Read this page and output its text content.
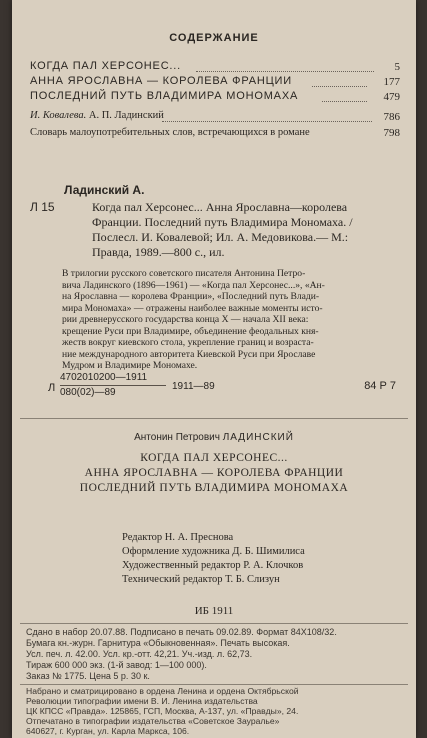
СОДЕРЖАНИЕ
КОГДА ПАЛ ХЕРСОНЕС...	5
АННА ЯРОСЛАВНА — КОРОЛЕВА ФРАНЦИИ	177
ПОСЛЕДНИЙ ПУТЬ ВЛАДИМИРА МОНОМАХА	479
И. Ковалева. А. П. Ладинский	786
Словарь малоупотребительных слов, встречающихся в романе	798
Ладинский А.
Л 15	Когда пал Херсонес... Анна Ярославна—королева
Франции. Последний путь Владимира Мономаха. /
Послесл. И. Ковалевой; Ил. А. Медовикова.— М.:
Правда, 1989.—800 с., ил.
В трилогии русского советского писателя Антонина Петро-
вича Ладинского (1896—1961) — «Когда пал Херсонес...», «Ан-
на Ярославна — королева Франции», «Последний путь Влади-
мира Мономаха» — отражены наиболее важные моменты исто-
рии древнерусского государства конца X — начала XII века:
крещение Руси при Владимире, объединение феодальных кня-
жеств вокруг киевского стола, укрепление границ и возраста-
ние международного авторитета Киевской Руси при Ярославе
Мудром и Владимире Мономахе.
Л
4702010200—1911
080(02)—89
1911—89	84 Р 7
Антонин Петрович ЛАДИНСКИЙ
КОГДА ПАЛ ХЕРСОНЕС...
АННА ЯРОСЛАВНА — КОРОЛЕВА ФРАНЦИИ
ПОСЛЕДНИЙ ПУТЬ ВЛАДИМИРА МОНОМАХА
Редактор Н. А. Преснова
Оформление художника Д. Б. Шимилиса
Художественный редактор Р. А. Клочков
Технический редактор Т. Б. Слизун
ИБ 1911
Сдано в набор 20.07.88. Подписано в печать 09.02.89. Формат 84Х108/32.
Бумага кн.-журн. Гарнитура «Обыкновенная». Печать высокая.
Усл. печ. л. 42.00. Усл. кр.-отт. 42,21. Уч.-изд. л. 62,73.
Тираж 600 000 экз. (1-й завод: 1—100 000).
Заказ № 1775. Цена 5 р. 30 к.
Набрано и сматрицировано в ордена Ленина и ордена Октябрьской
Революции типографии имени В. И. Ленина издательства
ЦК КПСС «Правда». 125865, ГСП, Москва, А-137, ул. «Правды», 24.
Отпечатано в типографии издательства «Советское Зауралье»
640627, г. Курган, ул. Карла Маркса, 106.
